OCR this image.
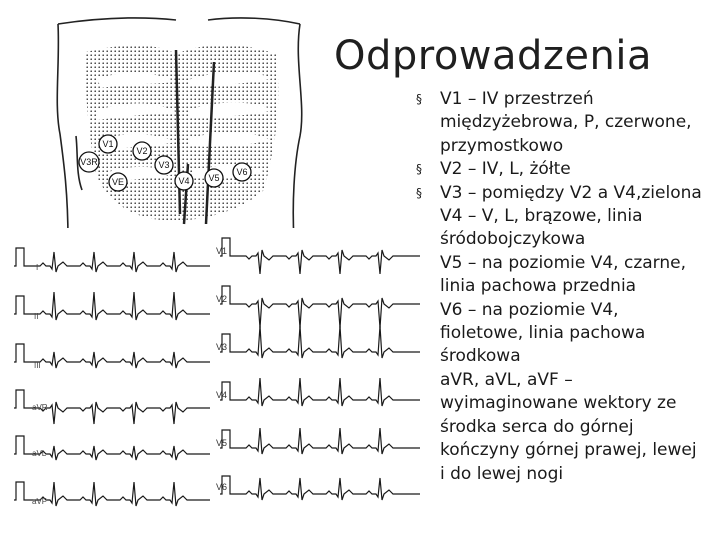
V1
V2
V3
V4 V5
V6
V3R
VE
I
II
III
aVR
aVL
aVF
V1
V2
V3
V4
V5
V6
Odprowadzenia
§ V1 – IV przestrzeń międzyżebrowa, P, czerwone, przymostkowo
§ V2 – IV, L, żółte
§ V3 – pomiędzy V2 a V4,zielona
V4 – V, L, brązowe, linia śródobojczykowa
V5 – na poziomie V4, czarne, linia pachowa przednia
V6 – na poziomie V4, fioletowe, linia pachowa środkowa
aVR, aVL, aVF – wyimaginowane wektory ze środka serca do górnej kończyny górnej prawej, lewej i do lewej nogi
